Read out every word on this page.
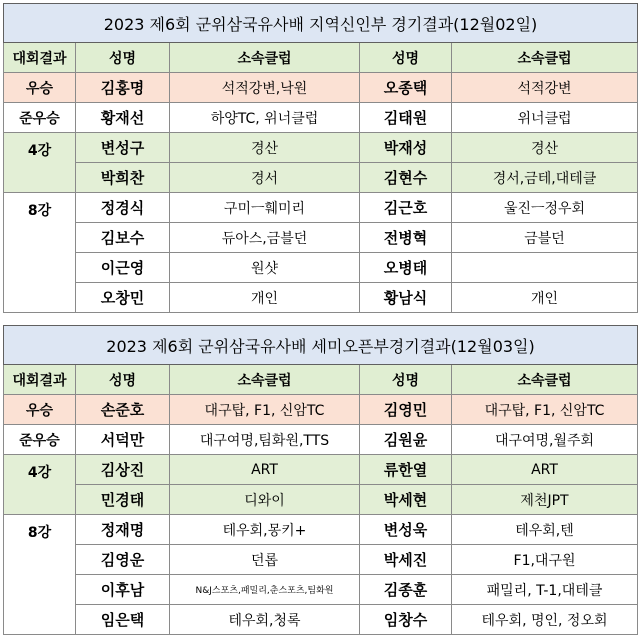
2023 제6회 군위삼국유사배 지역신인부 경기결과(12월02일)				
대회결과	성명	소속클럽	성명	소속클럽
우승	김홍명	석적강변,낙원	오종택	석적강변
준우승	황재선	하양TC, 위너클럽	김태원	위너클럽
4강	변성구	경산	박재성	경산
	박희찬	경서	김현수	경서,금테,대테클
8강	정경식	구미ㅡ훼미리	김근호	울진ㅡ정우회
	김보수	듀아스,금블던	전병혁	금블던
	이근영	원샷	오병태	
	오창민	개인	황남식	개인
2023 제6회 군위삼국유사배 세미오픈부경기결과(12월03일)				
대회결과	성명	소속클럽	성명	소속클럽
우승	손준호	대구탑, F1, 신암TC	김영민	대구탑, F1, 신암TC
준우승	서덕만	대구여명,팀화원,TTS	김원윤	대구여명,월주회
4강	김상진	ART	류한열	ART
	민경태	디와이	박세현	제천JPT
8강	정재명	테우회,몽키+	변성욱	테우회,텐
	김영운	던롭	박세진	F1,대구원
	이후남	N&J스포츠,패밀리,춘스포츠,팀화원	김종훈	패밀리, T-1,대테클
	임은택	테우회,청록	임창수	테우회, 명인, 정오회
